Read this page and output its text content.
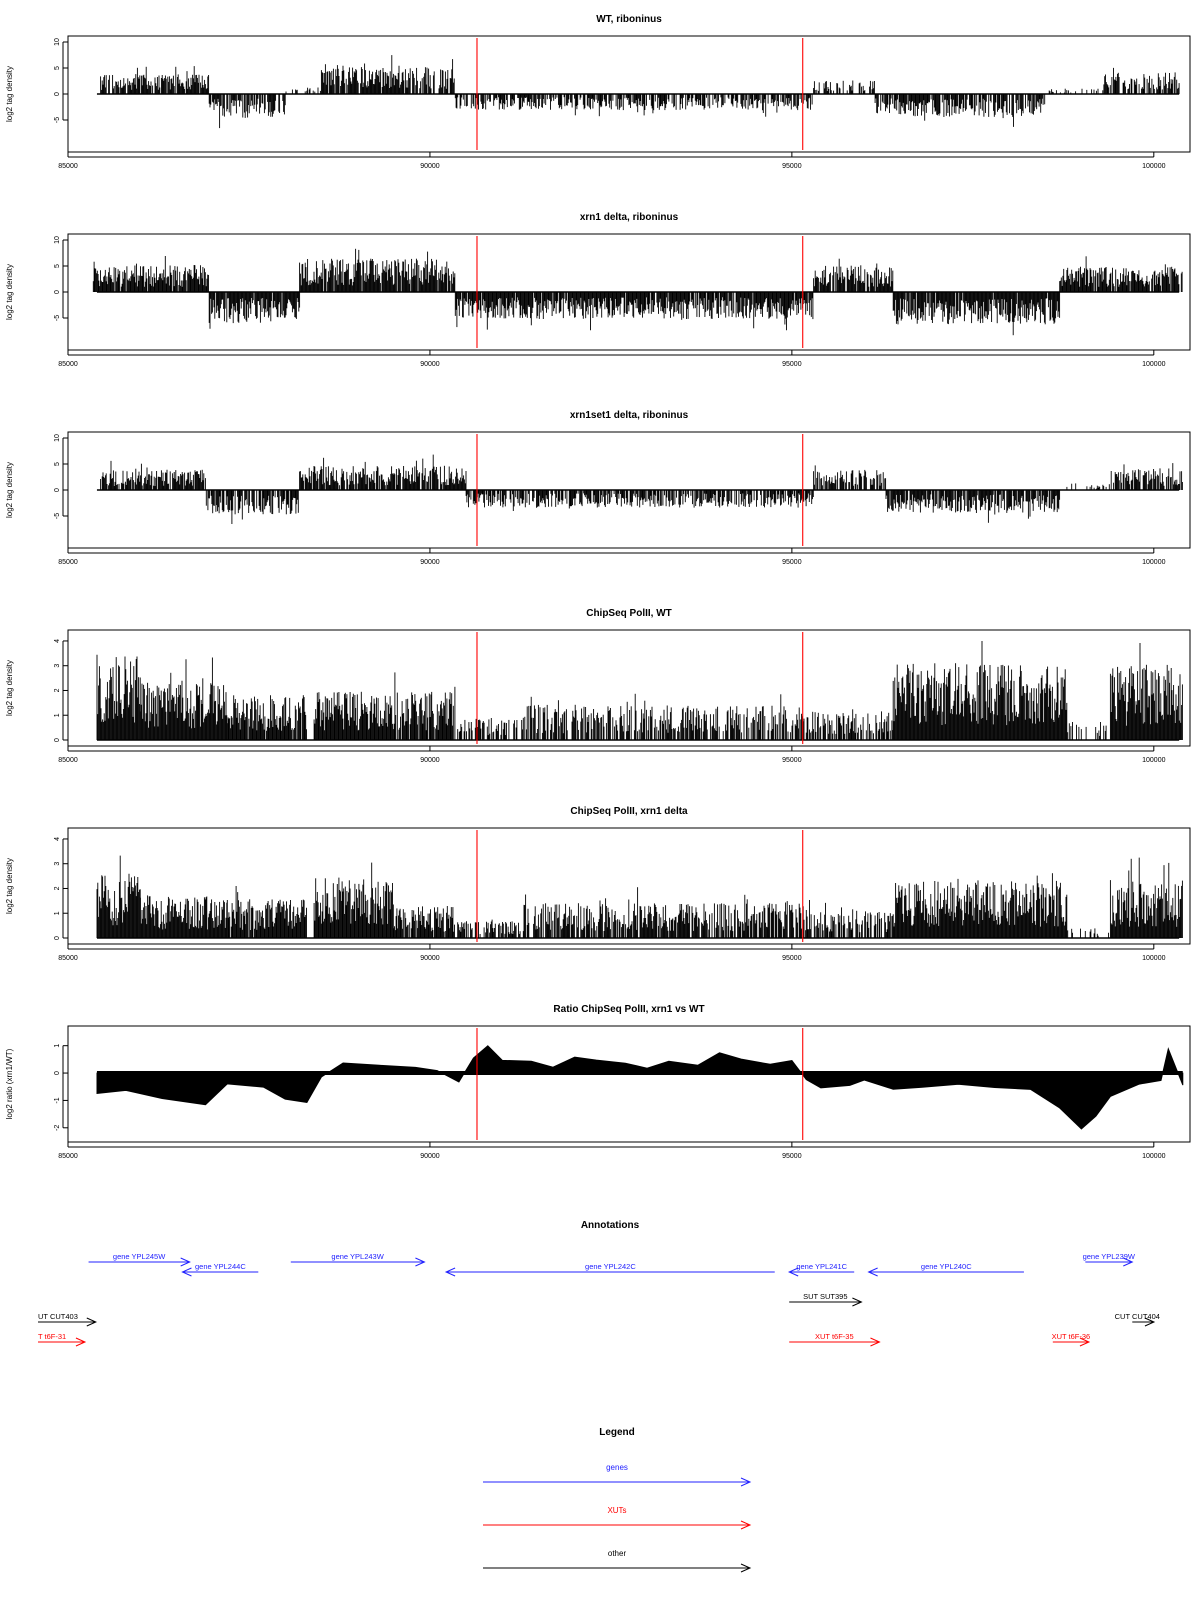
WT, riboninus
log2 tag density
10
5
0
-5
85000	90000	95000	100000
xrn1 delta, riboninus
log2 tag density
10
5
0
-5
85000	90000	95000	100000
xrn1set1 delta, riboninus
log2 tag density
10
5
0
-5
85000	90000	95000	100000
ChipSeq PolII, WT
log2 tag density
4
3
2
1
0
85000	90000	95000	100000
ChipSeq PolII, xrn1 delta
log2 tag density
4
3
2
1
0
85000	90000	95000	100000
Ratio ChipSeq PolII, xrn1 vs WT
log2 ratio (xrn1/WT)
1
0
-1
-2
85000	90000	95000	100000
Annotations
gene YPL245W
gene YPL244C
gene YPL243W
gene YPL242C	gene YPL241C	gene YPL240C
gene YPL239W
SUT SUT395
UT CUT403	CUT CUT404
T t6F-31	XUT t6F-35	XUT t6F-36
Legend
genes
XUTs
other
